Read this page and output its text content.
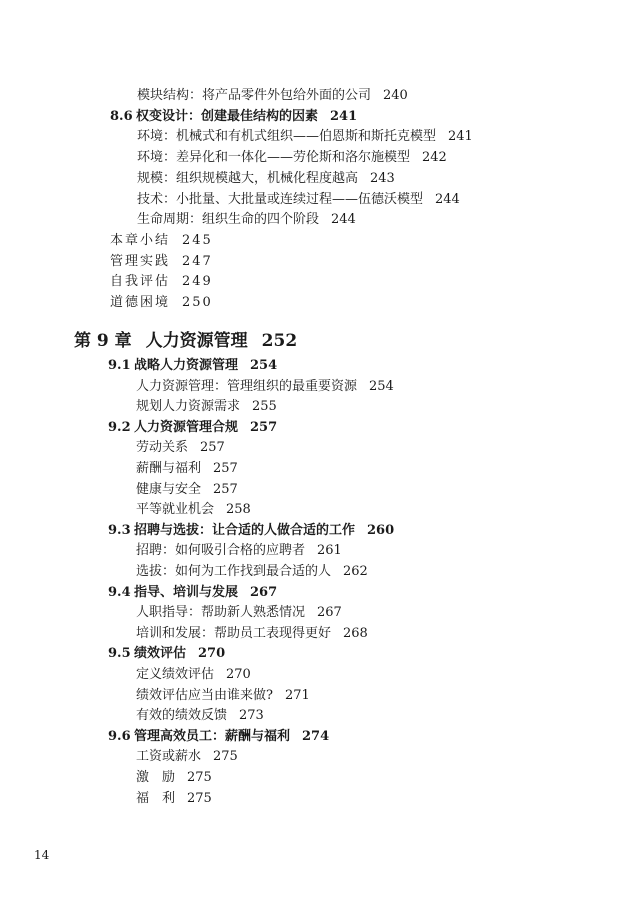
模块结构：将产品零件外包给外面的公司 240
8.6 权变设计：创建最佳结构的因素 241
环境：机械式和有机式组织——伯恩斯和斯托克模型 241
环境：差异化和一体化——劳伦斯和洛尔施模型 242
规模：组织规模越大，机械化程度越高 243
技术：小批量、大批量或连续过程——伍德沃模型 244
生命周期：组织生命的四个阶段 244
本章小结 245
管理实践 247
自我评估 249
道德困境 250
第 9 章 人力资源管理 252
9.1 战略人力资源管理 254
人力资源管理：管理组织的最重要资源 254
规划人力资源需求 255
9.2 人力资源管理合规 257
劳动关系 257
薪酬与福利 257
健康与安全 257
平等就业机会 258
9.3 招聘与选拔：让合适的人做合适的工作 260
招聘：如何吸引合格的应聘者 261
选拔：如何为工作找到最合适的人 262
9.4 指导、培训与发展 267
人职指导：帮助新人熟悉情况 267
培训和发展：帮助员工表现得更好 268
9.5 绩效评估 270
定义绩效评估 270
绩效评估应当由谁来做? 271
有效的绩效反馈 273
9.6 管理高效员工：薪酬与福利 274
工资或薪水 275
激　励 275
福　利 275
14
